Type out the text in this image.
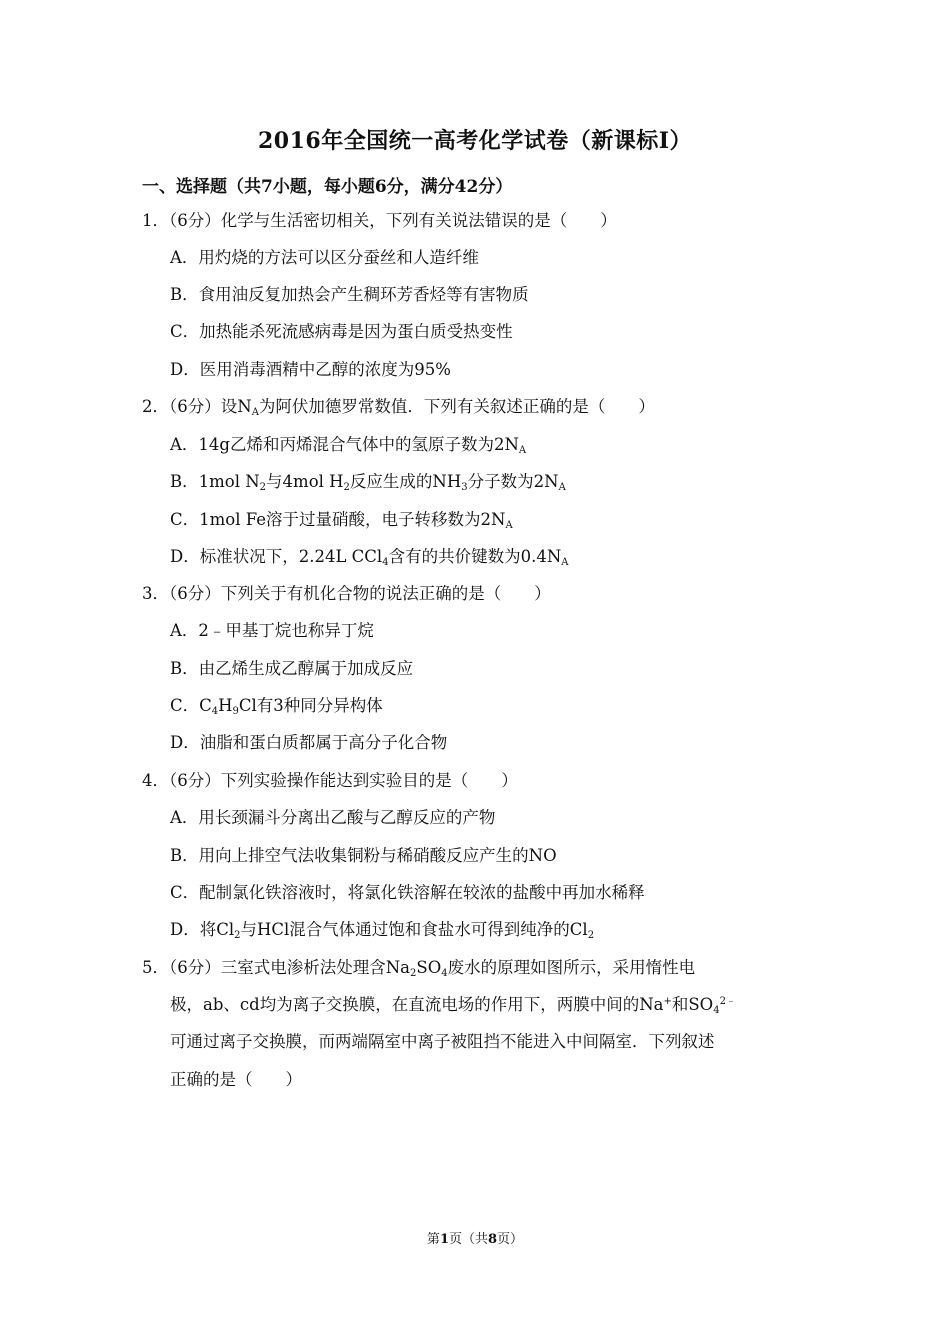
2016年全国统一高考化学试卷（新课标Ⅰ）
一、选择题（共7小题，每小题6分，满分42分）
1．（6分）化学与生活密切相关，下列有关说法错误的是（　　）
A．用灼烧的方法可以区分蚕丝和人造纤维
B．食用油反复加热会产生稠环芳香烃等有害物质
C．加热能杀死流感病毒是因为蛋白质受热变性
D．医用消毒酒精中乙醇的浓度为95%
2．（6分）设$N_A$为阿伏加德罗常数值．下列有关叙述正确的是（　　）
A．14g乙烯和丙烯混合气体中的氢原子数为$2N_A$
B．1mol $N_2$与4mol $H_2$反应生成的$NH_3$分子数为$2N_A$
C．1mol Fe溶于过量硝酸，电子转移数为$2N_A$
D．标准状况下，2.24L CCl$_4$含有的共价键数为$0.4N_A$
3．（6分）下列关于有机化合物的说法正确的是（　　）
A．2﹣甲基丁烷也称异丁烷
B．由乙烯生成乙醇属于加成反应
C．$C_4H_9Cl$有3种同分异构体
D．油脂和蛋白质都属于高分子化合物
4．（6分）下列实验操作能达到实验目的是（　　）
A．用长颈漏斗分离出乙酸与乙醇反应的产物
B．用向上排空气法收集铜粉与稀硝酸反应产生的NO
C．配制氯化铁溶液时，将氯化铁溶解在较浓的盐酸中再加水稀释
D．将$Cl_2$与HCl混合气体通过饱和食盐水可得到纯净的$Cl_2$
5．（6分）三室式电渗析法处理含$Na_2SO_4$废水的原理如图所示，采用惰性电
极，ab、cd均为离子交换膜，在直流电场的作用下，两膜中间的Na+和$SO_4^{2﹣}$
可通过离子交换膜，而两端隔室中离子被阻挡不能进入中间隔室．下列叙述
正确的是（　　）
第1页（共8页）
